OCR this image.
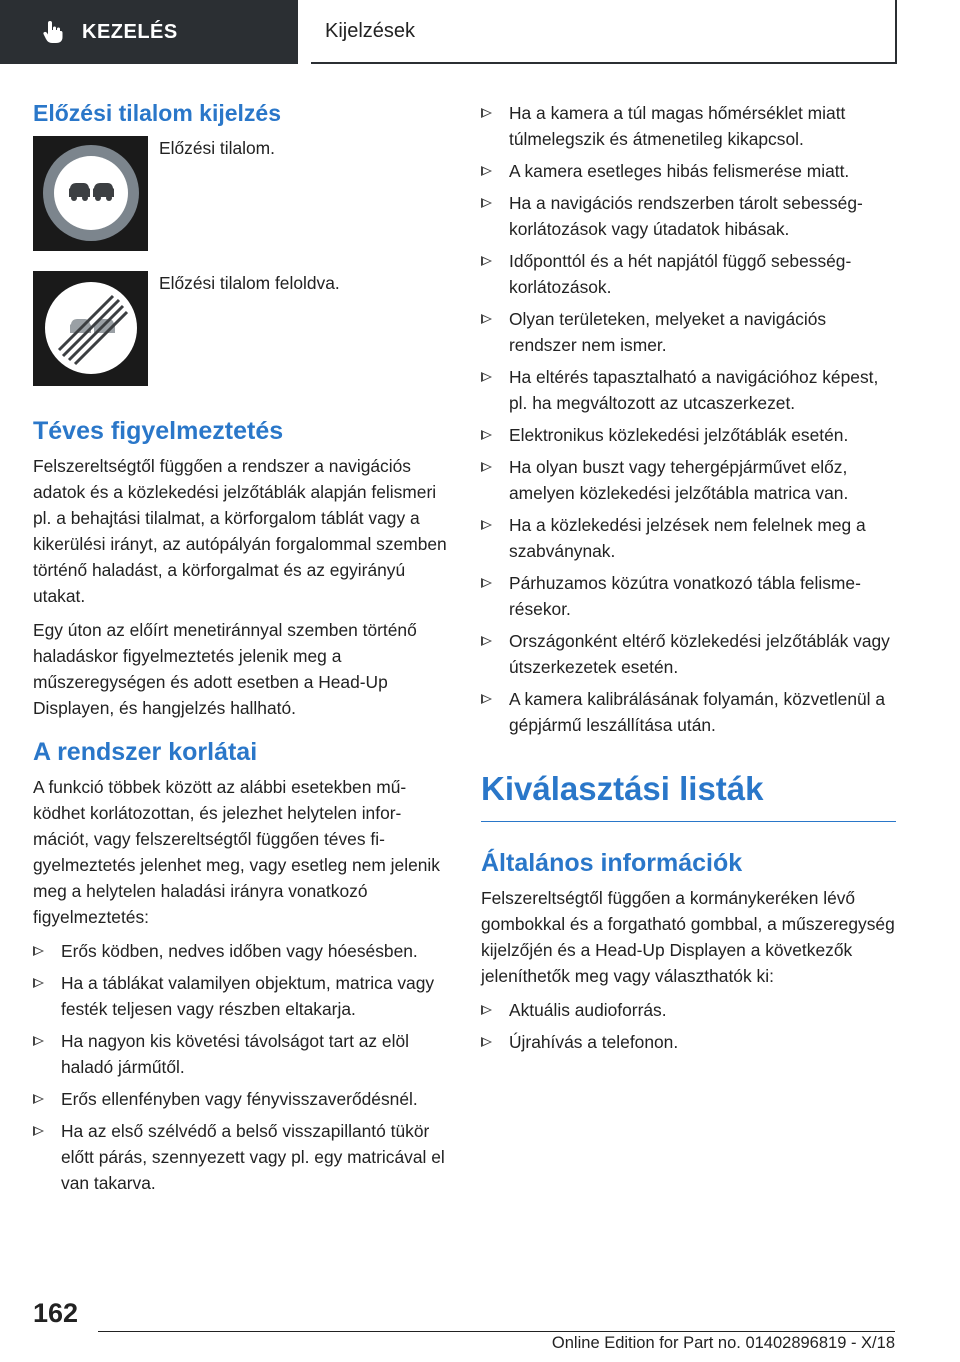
KEZELÉS	Kijelzések
Előzési tilalom kijelzés
Előzési tilalom.
Előzési tilalom feloldva.
Téves figyelmeztetés

Felszereltségtől függően a rendszer a navigációs adatok és a közlekedési jelzőtáblák alapján felismeri pl. a behajtási tilalmat, a körforgalom táblát vagy a kikerülési irányt, az autópályán forgalommal szemben történő haladást, a körforgalmat és az egyirányú utakat.

Egy úton az előírt menetiránnyal szemben történő haladáskor figyelmeztetés jelenik meg a műszeregységen és adott esetben a Head-Up Displayen, és hangjelzés hallható.

A rendszer korlátai

A funkció többek között az alábbi esetekben működhet korlátozottan, és jelezhet helytelen információt, vagy felszereltségtől függően téves figyelmeztetés jelenhet meg, vagy esetleg nem jelenik meg a helytelen haladási irányra vonatkozó figyelmeztetés:

Erős ködben, nedves időben vagy hóesésben.
Ha a táblákat valamilyen objektum, matrica vagy festék teljesen vagy részben eltakarja.
Ha nagyon kis követési távolságot tart az elöl haladó járműtől.
Erős ellenfényben vagy fényvisszaverődésnél.
Ha az első szélvédő a belső visszapillantó tükör előtt párás, szennyezett vagy pl. egy matricával el van takarva.
Ha a kamera a túl magas hőmérséklet miatt túlmelegszik és átmenetileg kikapcsol.
A kamera esetleges hibás felismerése miatt.
Ha a navigációs rendszerben tárolt sebességkorlátozások vagy útadatok hibásak.
Időponttól és a hét napjától függő sebességkorlátozások.
Olyan területeken, melyeket a navigációs rendszer nem ismer.
Ha eltérés tapasztalható a navigációhoz képest, pl. ha megváltozott az utcaszerkezet.
Elektronikus közlekedési jelzőtáblák esetén.
Ha olyan buszt vagy tehergépjárművet előz, amelyen közlekedési jelzőtábla matrica van.
Ha a közlekedési jelzések nem felelnek meg a szabványnak.
Párhuzamos közútra vonatkozó tábla felismerésekor.
Országonként eltérő közlekedési jelzőtáblák vagy útszerkezetek esetén.
A kamera kalibrálásának folyamán, közvetlenül a gépjármű leszállítása után.
Kiválasztási listák
Általános információk

Felszereltségtől függően a kormánykeréken lévő gombokkal és a forgatható gombbal, a műszeregység kijelzőjén és a Head-Up Displayen a következők jeleníthetők meg vagy választhatók ki:

Aktuális audioforrás.
Újrahívás a telefonon.
162
Online Edition for Part no. 01402896819 - X/18
